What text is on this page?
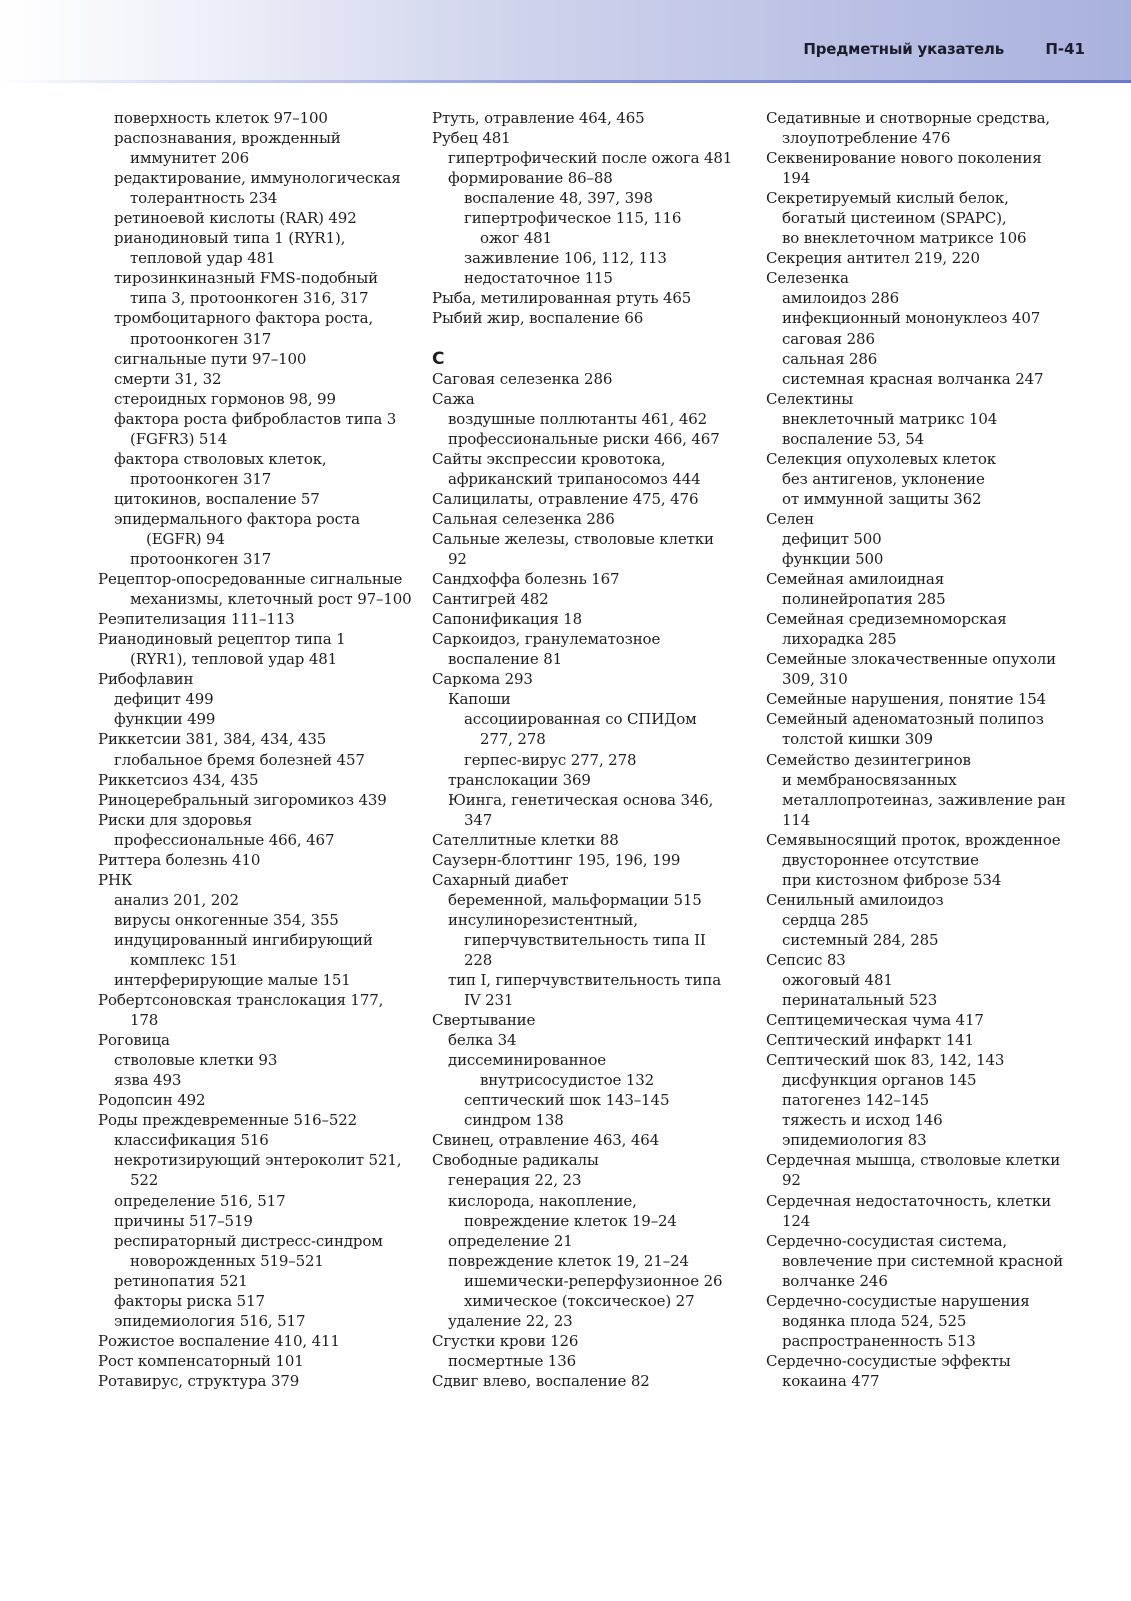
Предметный указатель	П-41
поверхность клеток 97–100
распознавания, врожденный
иммунитет 206
редактирование, иммунологическая
толерантность 234
ретиноевой кислоты (RAR) 492
рианодиновый типа 1 (RYR1),
тепловой удар 481
тирозинкиназный FMS-подобный
типа 3, протоонкоген 316, 317
тромбоцитарного фактора роста,
протоонкоген 317
сигнальные пути 97–100
смерти 31, 32
стероидных гормонов 98, 99
фактора роста фибробластов типа 3
(FGFR3) 514
фактора стволовых клеток,
протоонкоген 317
цитокинов, воспаление 57
эпидермального фактора роста
(EGFR) 94
протоонкоген 317
Рецептор-опосредованные сигнальные
механизмы, клеточный рост 97–100
Реэпителизация 111–113
Рианодиновый рецептор типа 1
(RYR1), тепловой удар 481
Рибофлавин
дефицит 499
функции 499
Риккетсии 381, 384, 434, 435
глобальное бремя болезней 457
Риккетсиоз 434, 435
Риноцеребральный зигоромикоз 439
Риски для здоровья
профессиональные 466, 467
Риттера болезнь 410
РНК
анализ 201, 202
вирусы онкогенные 354, 355
индуцированный ингибирующий
комплекс 151
интерферирующие малые 151
Робертсоновская транслокация 177,
178
Роговица
стволовые клетки 93
язва 493
Родопсин 492
Роды преждевременные 516–522
классификация 516
некротизирующий энтероколит 521,
522
определение 516, 517
причины 517–519
респираторный дистресс-синдром
новорожденных 519–521
ретинопатия 521
факторы риска 517
эпидемиология 516, 517
Рожистое воспаление 410, 411
Рост компенсаторный 101
Ротавирус, структура 379
Ртуть, отравление 464, 465
Рубец 481
гипертрофический после ожога 481
формирование 86–88
воспаление 48, 397, 398
гипертрофическое 115, 116
ожог 481
заживление 106, 112, 113
недостаточное 115
Рыба, метилированная ртуть 465
Рыбий жир, воспаление 66
С
Саговая селезенка 286
Сажа
воздушные поллютанты 461, 462
профессиональные риски 466, 467
Сайты экспрессии кровотока,
африканский трипаносомоз 444
Салицилаты, отравление 475, 476
Сальная селезенка 286
Сальные железы, стволовые клетки
92
Сандхоффа болезнь 167
Сантигрей 482
Сапонификация 18
Саркоидоз, гранулематозное
воспаление 81
Саркома 293
Капоши
ассоциированная со СПИДом
277, 278
герпес-вирус 277, 278
транслокации 369
Юинга, генетическая основа 346,
347
Сателлитные клетки 88
Саузерн-блоттинг 195, 196, 199
Сахарный диабет
беременной, мальформации 515
инсулинорезистентный,
гиперчувствительность типа II
228
тип I, гиперчувствительность типа
IV 231
Свертывание
белка 34
диссеминированное
внутрисосудистое 132
септический шок 143–145
синдром 138
Свинец, отравление 463, 464
Свободные радикалы
генерация 22, 23
кислорода, накопление,
повреждение клеток 19–24
определение 21
повреждение клеток 19, 21–24
ишемически-реперфузионное 26
химическое (токсическое) 27
удаление 22, 23
Сгустки крови 126
посмертные 136
Сдвиг влево, воспаление 82
Седативные и снотворные средства,
злоупотребление 476
Секвенирование нового поколения
194
Секретируемый кислый белок,
богатый цистеином (SPAPC),
во внеклеточном матриксе 106
Секреция антител 219, 220
Селезенка
амилоидоз 286
инфекционный мононуклеоз 407
саговая 286
сальная 286
системная красная волчанка 247
Селектины
внеклеточный матрикс 104
воспаление 53, 54
Селекция опухолевых клеток
без антигенов, уклонение
от иммунной защиты 362
Селен
дефицит 500
функции 500
Семейная амилоидная
полинейропатия 285
Семейная средиземноморская
лихорадка 285
Семейные злокачественные опухоли
309, 310
Семейные нарушения, понятие 154
Семейный аденоматозный полипоз
толстой кишки 309
Семейство дезинтегринов
и мембраносвязанных
металлопротеиназ, заживление ран
114
Семявыносящий проток, врожденное
двустороннее отсутствие
при кистозном фиброзе 534
Сенильный амилоидоз
сердца 285
системный 284, 285
Сепсис 83
ожоговый 481
перинатальный 523
Септицемическая чума 417
Септический инфаркт 141
Септический шок 83, 142, 143
дисфункция органов 145
патогенез 142–145
тяжесть и исход 146
эпидемиология 83
Сердечная мышца, стволовые клетки
92
Сердечная недостаточность, клетки
124
Сердечно-сосудистая система,
вовлечение при системной красной
волчанке 246
Сердечно-сосудистые нарушения
водянка плода 524, 525
распространенность 513
Сердечно-сосудистые эффекты
кокаина 477
